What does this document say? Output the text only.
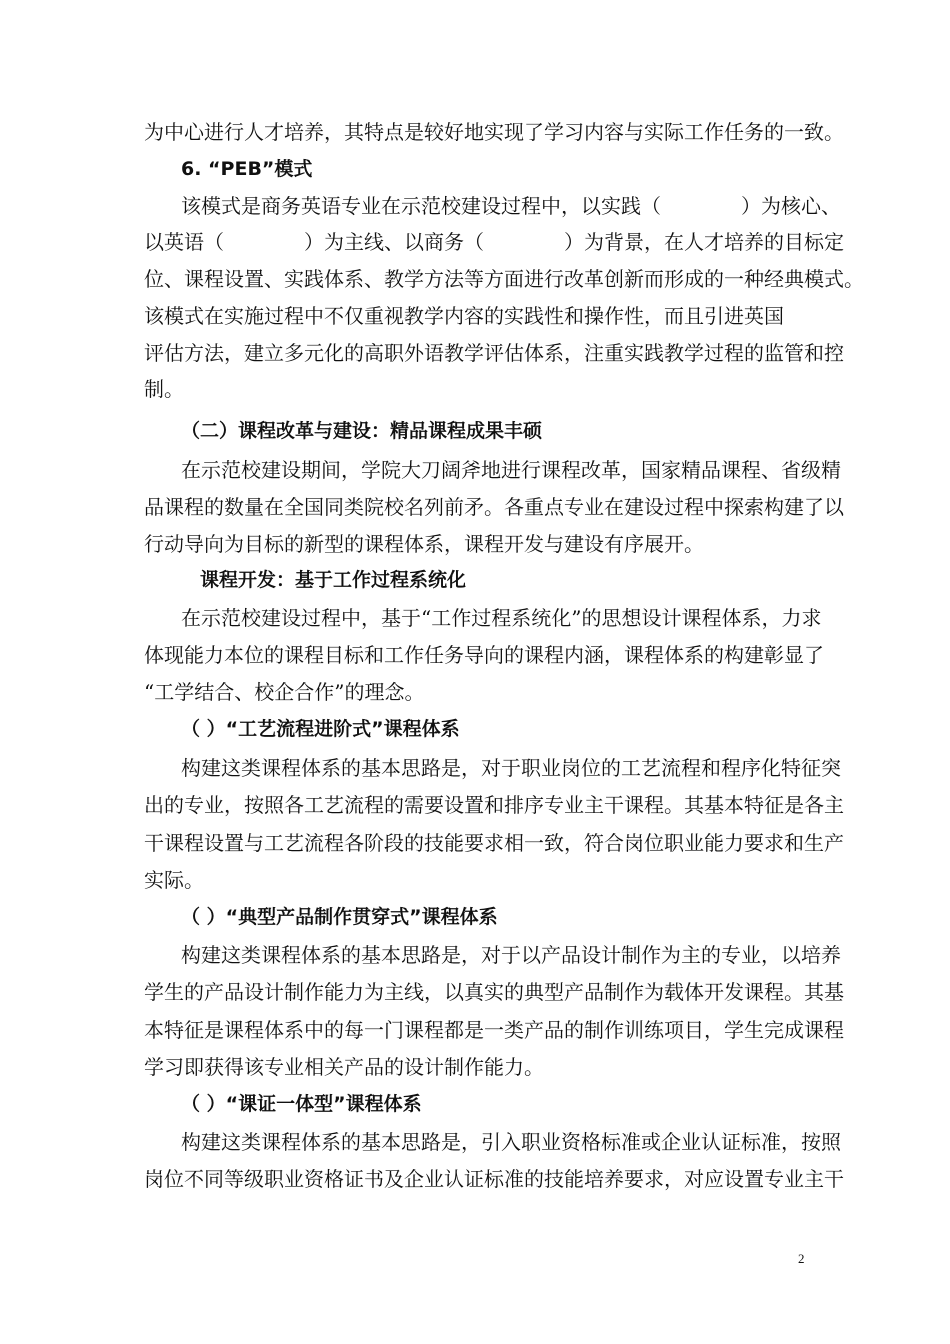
为中心进行人才培养，其特点是较好地实现了学习内容与实际工作任务的一致。
6. “PEB”模式
该模式是商务英语专业在示范校建设过程中，以实践（　　　　）为核心、
以英语（　　　　）为主线、以商务（　　　　）为背景，在人才培养的目标定
位、课程设置、实践体系、教学方法等方面进行改革创新而形成的一种经典模式。
该模式在实施过程中不仅重视教学内容的实践性和操作性，而且引进英国
评估方法，建立多元化的高职外语教学评估体系，注重实践教学过程的监管和控
制。
（二）课程改革与建设：精品课程成果丰硕
在示范校建设期间，学院大刀阔斧地进行课程改革，国家精品课程、省级精
品课程的数量在全国同类院校名列前矛。各重点专业在建设过程中探索构建了以
行动导向为目标的新型的课程体系，课程开发与建设有序展开。
课程开发：基于工作过程系统化
在示范校建设过程中，基于“工作过程系统化”的思想设计课程体系，力求
体现能力本位的课程目标和工作任务导向的课程内涵，课程体系的构建彰显了
“工学结合、校企合作”的理念。
（ ）“工艺流程进阶式”课程体系
构建这类课程体系的基本思路是，对于职业岗位的工艺流程和程序化特征突
出的专业，按照各工艺流程的需要设置和排序专业主干课程。其基本特征是各主
干课程设置与工艺流程各阶段的技能要求相一致，符合岗位职业能力要求和生产
实际。
（ ）“典型产品制作贯穿式”课程体系
构建这类课程体系的基本思路是，对于以产品设计制作为主的专业，以培养
学生的产品设计制作能力为主线，以真实的典型产品制作为载体开发课程。其基
本特征是课程体系中的每一门课程都是一类产品的制作训练项目，学生完成课程
学习即获得该专业相关产品的设计制作能力。
（ ）“课证一体型”课程体系
构建这类课程体系的基本思路是，引入职业资格标准或企业认证标准，按照
岗位不同等级职业资格证书及企业认证标准的技能培养要求，对应设置专业主干
2
